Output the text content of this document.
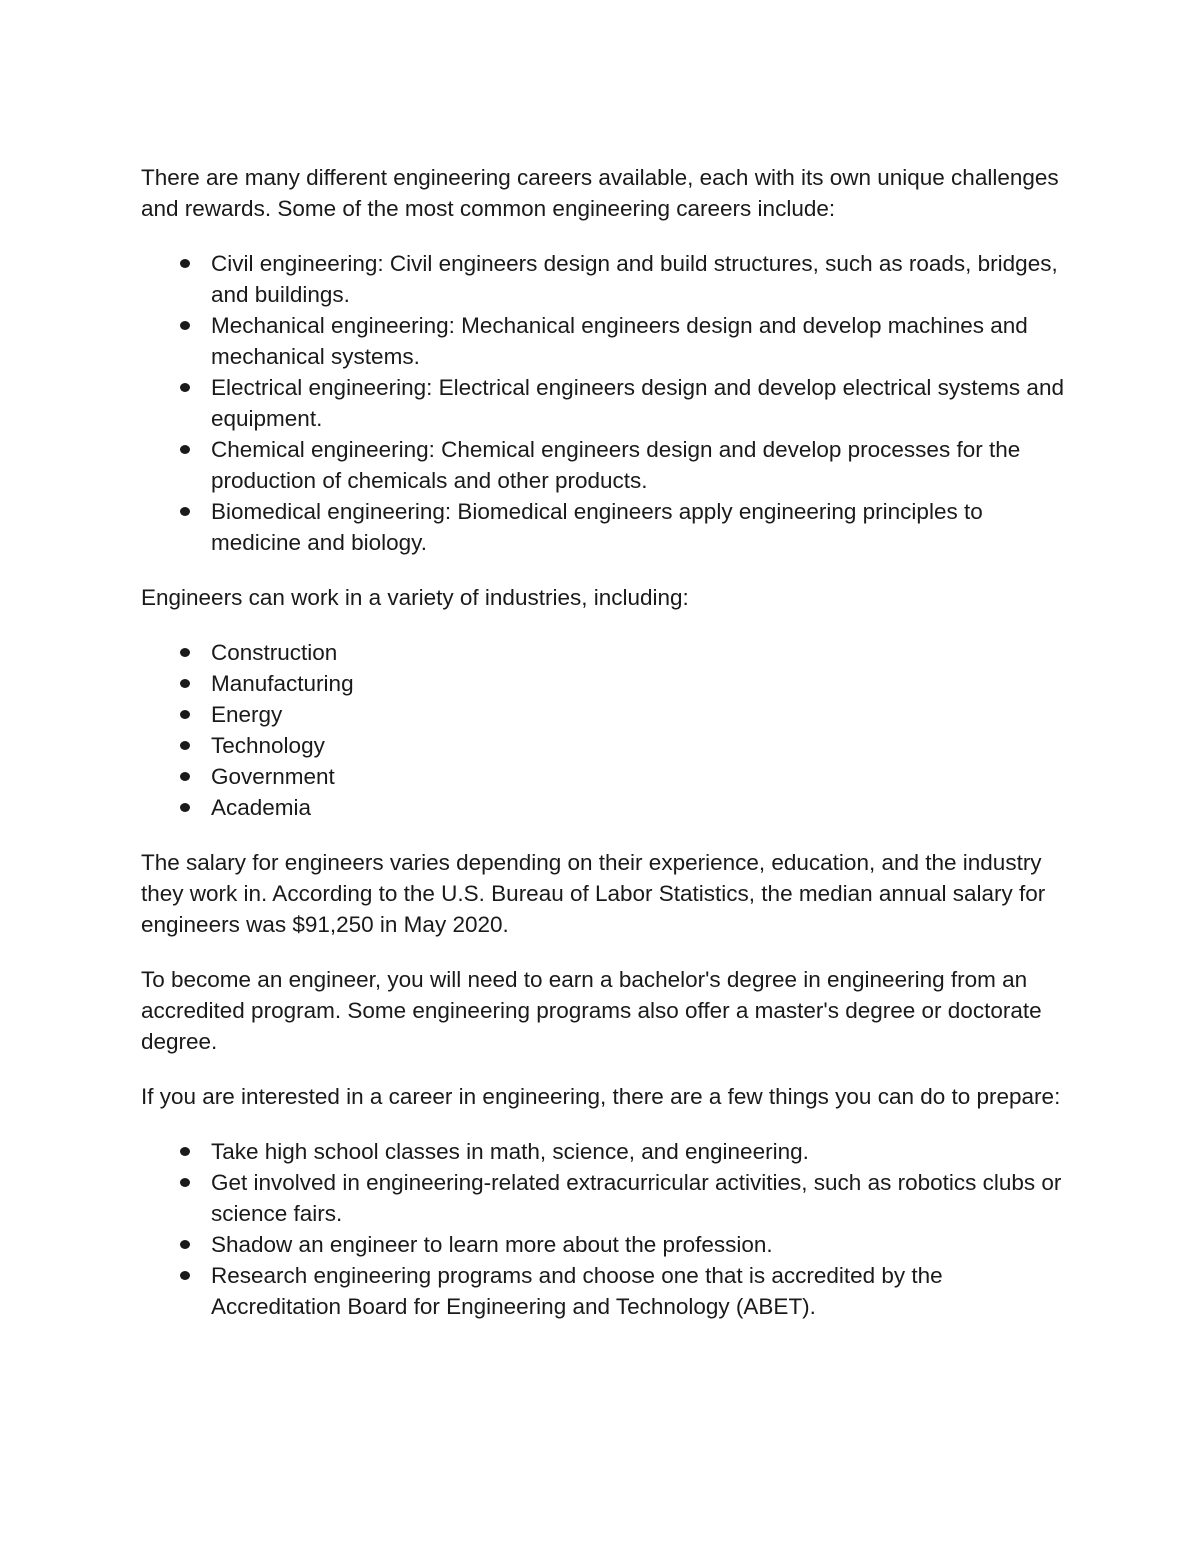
There are many different engineering careers available, each with its own unique challenges and rewards. Some of the most common engineering careers include:

Civil engineering: Civil engineers design and build structures, such as roads, bridges, and buildings.
Mechanical engineering: Mechanical engineers design and develop machines and mechanical systems.
Electrical engineering: Electrical engineers design and develop electrical systems and equipment.
Chemical engineering: Chemical engineers design and develop processes for the production of chemicals and other products.
Biomedical engineering: Biomedical engineers apply engineering principles to medicine and biology.

Engineers can work in a variety of industries, including:

Construction
Manufacturing
Energy
Technology
Government
Academia

The salary for engineers varies depending on their experience, education, and the industry they work in. According to the U.S. Bureau of Labor Statistics, the median annual salary for engineers was $91,250 in May 2020.

To become an engineer, you will need to earn a bachelor's degree in engineering from an accredited program. Some engineering programs also offer a master's degree or doctorate degree.

If you are interested in a career in engineering, there are a few things you can do to prepare:

Take high school classes in math, science, and engineering.
Get involved in engineering-related extracurricular activities, such as robotics clubs or science fairs.
Shadow an engineer to learn more about the profession.
Research engineering programs and choose one that is accredited by the Accreditation Board for Engineering and Technology (ABET).
